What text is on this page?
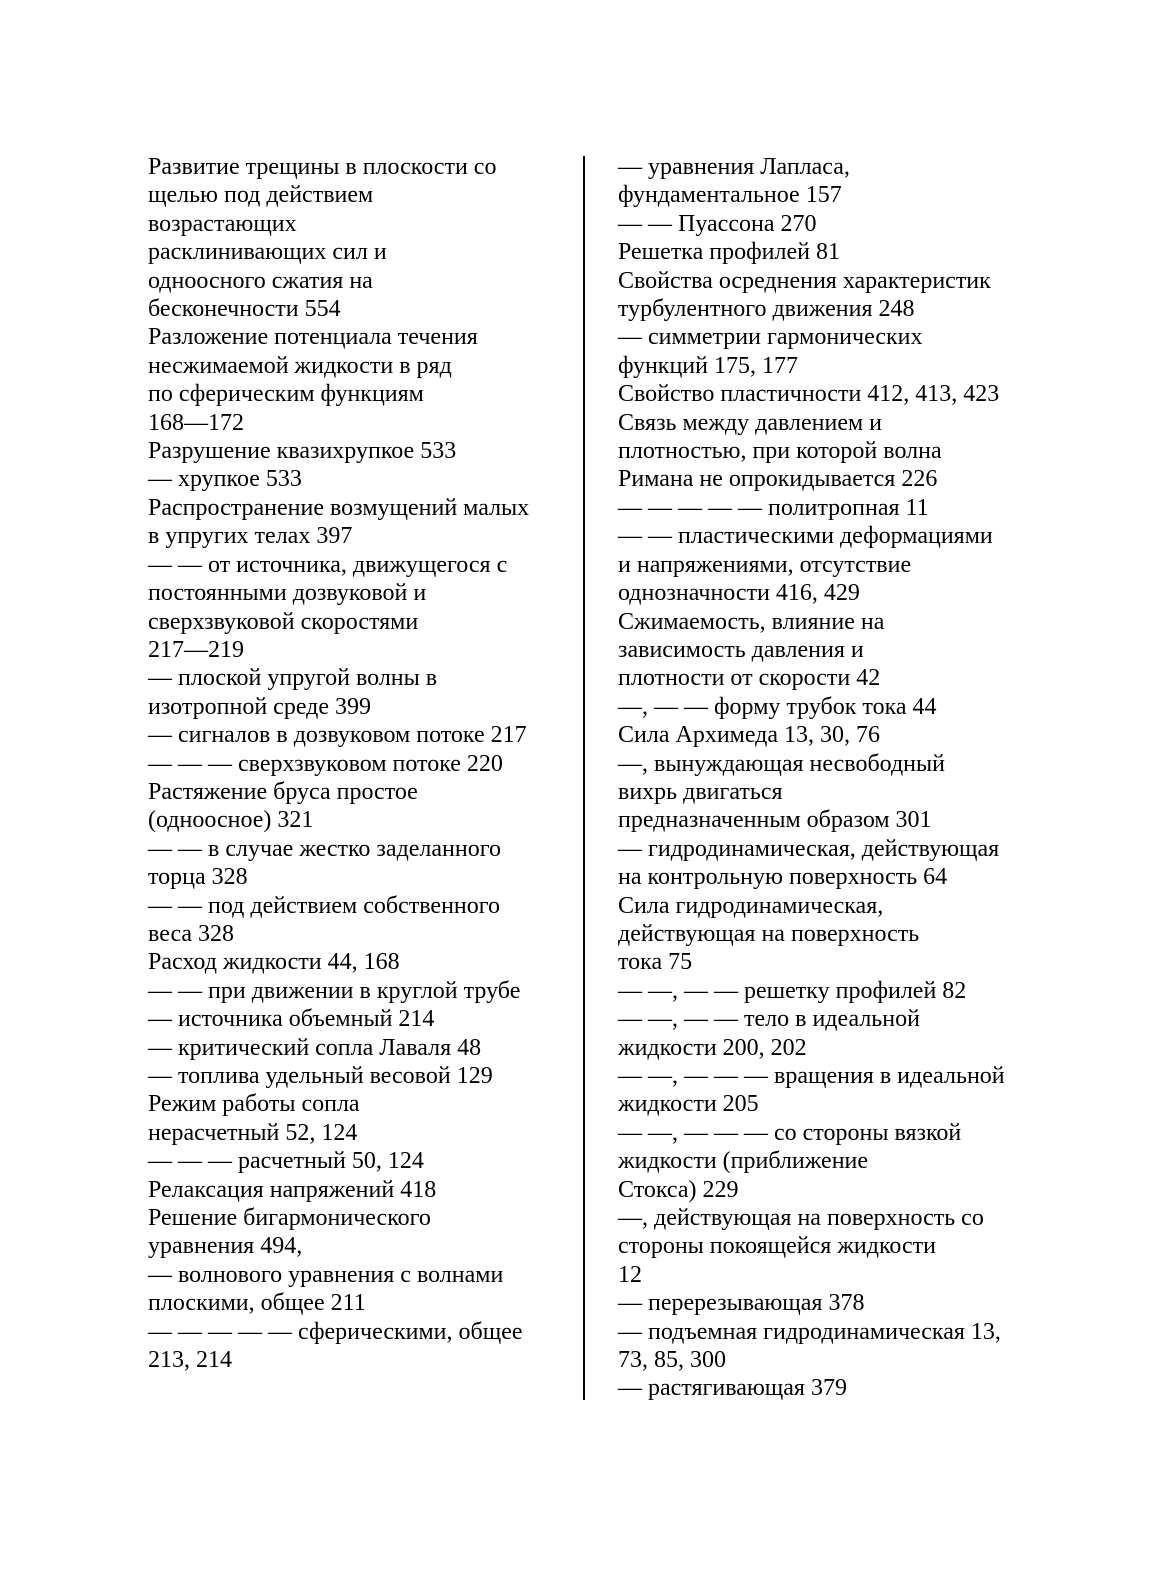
Развитие трещины в плоскости со
щелью под действием
возрастающих
расклинивающих сил и
одноосного сжатия на
бесконечности 554

Разложение потенциала течения
несжимаемой жидкости в ряд
по сферическим функциям
168—172

Разрушение квазихрупкое 533

— хрупкое 533

Распространение возмущений малых
в упругих телах 397

— — от источника, движущегося с
постоянными дозвуковой и
сверхзвуковой скоростями
217—219

— плоской упругой волны в
изотропной среде 399

— сигналов в дозвуковом потоке 217

— — — сверхзвуковом потоке 220

Растяжение бруса простое
(одноосное) 321

— — в случае жестко заделанного
торца 328

— — под действием собственного
веса 328

Расход жидкости 44, 168

— — при движении в круглой трубе

— источника объемный 214

— критический сопла Лаваля 48

— топлива удельный весовой 129
Режим работы сопла
нерасчетный 52, 124

— — — расчетный 50, 124

Релаксация напряжений 418

Решение бигармонического
уравнения 494,

— волнового уравнения с волнами
плоскими, общее 211

— — — — — сферическими, общее
213, 214

— уравнения Лапласа,
фундаментальное 157

— — Пуассона 270

Решетка профилей 81

Свойства осреднения характеристик
турбулентного движения 248

— симметрии гармонических
функций 175, 177

Свойство пластичности 412, 413, 423
Связь между давлением и
плотностью, при которой волна
Римана не опрокидывается 226

— — — — — политропная 11

— — пластическими деформациями
и напряжениями, отсутствие
однозначности 416, 429

Сжимаемость, влияние на
зависимость давления и
плотности от скорости 42

—, — — форму трубок тока 44

Сила Архимеда 13, 30, 76

—, вынуждающая несвободный
вихрь двигаться
предназначенным образом 301

— гидродинамическая, действующая
на контрольную поверхность 64

Сила гидродинамическая,
действующая на поверхность
тока 75

— —, — — решетку профилей 82

— —, — — тело в идеальной
жидкости 200, 202

— —, — — — вращения в идеальной
жидкости 205

— —, — — — со стороны вязкой
жидкости (приближение
Стокса) 229

—, действующая на поверхность со
стороны покоящейся жидкости
12

— перерезывающая 378

— подъемная гидродинамическая 13,
73, 85, 300

— растягивающая 379
